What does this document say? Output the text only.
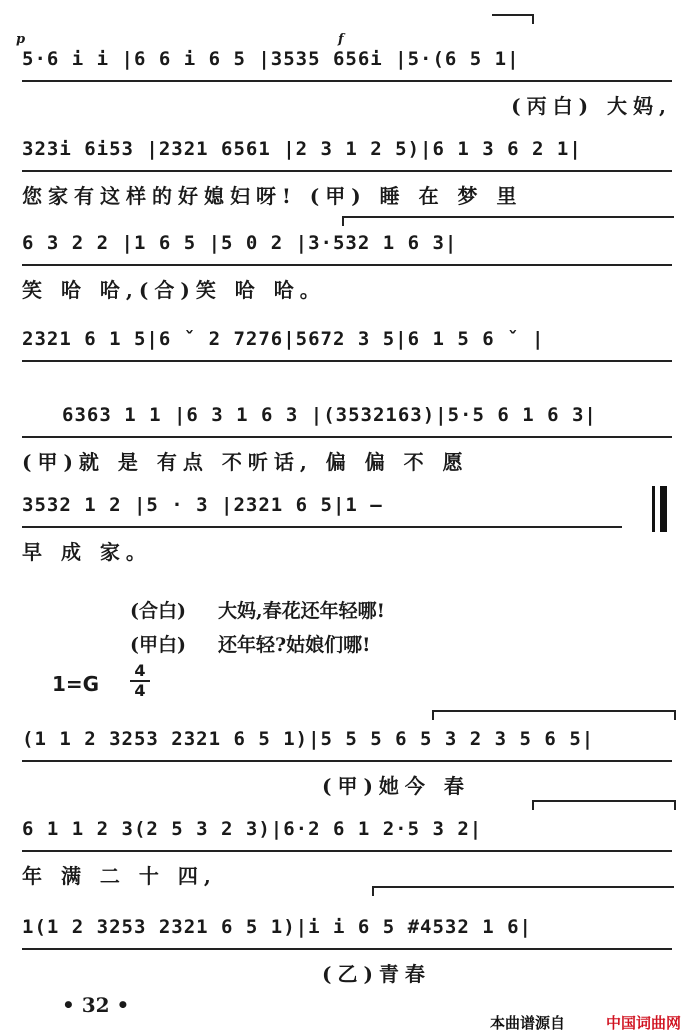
p	f
5·6 i i |6 6 i 6 5 |3535 656i |5·(6 5 1|
(丙白) 大妈,
323i 6i53 |2321 6561 |2 3 1 2 5)|6 1 3 6 2 1|
您家有这样的好媳妇呀! (甲) 睡 在 梦 里
6 3 2 2 |1 6 5 |5 0 2 |3·532 1 6 3|
笑 哈 哈,(合)笑 哈 哈。
2321 6 1 5|6 ˇ 2 7276|5672 3 5|6 1 5 6 ˇ |
6363 1 1 |6 3 1 6 3 |(3532163)|5·5 6 1 6 3|
(甲)就 是 有点 不听话, 偏 偏 不 愿
3532 1 2 |5 · 3 |2321 6 5|1 —
早 成 家。
(合白) 大妈,春花还年轻哪!
(甲白) 还年轻?姑娘们哪!
1=G
4
4
(1 1 2 3253 2321 6 5 1)|5 5 5 6 5 3 2 3 5 6 5|
(甲)她今 春
6 1 1 2 3(2 5 3 2 3)|6·2 6 1 2·5 3 2|
年 满 二 十 四,
1(1 2 3253 2321 6 5 1)|i i 6 5 #4532 1 6|
(乙)青春
• 32 •
本曲谱源自	中国词曲网
